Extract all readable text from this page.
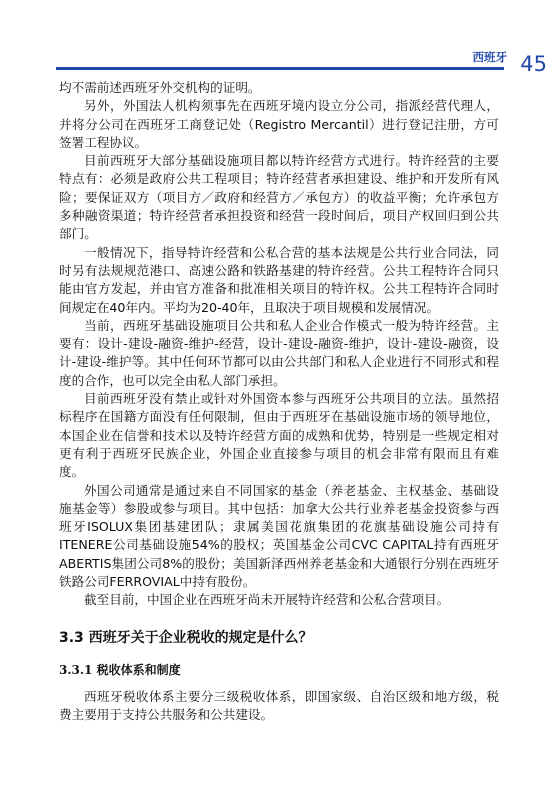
西班牙 45

均不需前述西班牙外交机构的证明。

另外，外国法人机构须事先在西班牙境内设立分公司，指派经营代理人，并将分公司在西班牙工商登记处（Registro Mercantil）进行登记注册，方可签署工程协议。

目前西班牙大部分基础设施项目都以特许经营方式进行。特许经营的主要特点有：必须是政府公共工程项目；特许经营者承担建设、维护和开发所有风险；要保证双方（项目方／政府和经营方／承包方）的收益平衡；允许承包方多种融资渠道；特许经营者承担投资和经营一段时间后，项目产权回归到公共部门。

一般情况下，指导特许经营和公私合营的基本法规是公共行业合同法，同时另有法规规范港口、高速公路和铁路基建的特许经营。公共工程特许合同只能由官方发起，并由官方准备和批准相关项目的特许权。公共工程特许合同时间规定在40年内。平均为20-40年，且取决于项目规模和发展情况。

当前，西班牙基础设施项目公共和私人企业合作模式一般为特许经营。主要有：设计-建设-融资-维护-经营，设计-建设-融资-维护，设计-建设-融资，设计-建设-维护等。其中任何环节都可以由公共部门和私人企业进行不同形式和程度的合作，也可以完全由私人部门承担。

目前西班牙没有禁止或针对外国资本参与西班牙公共项目的立法。虽然招标程序在国籍方面没有任何限制，但由于西班牙在基础设施市场的领导地位，本国企业在信誉和技术以及特许经营方面的成熟和优势，特别是一些规定相对更有利于西班牙民族企业，外国企业直接参与项目的机会非常有限而且有难度。

外国公司通常是通过来自不同国家的基金（养老基金、主权基金、基础设施基金等）参股或参与项目。其中包括：加拿大公共行业养老基金投资参与西班牙ISOLUX集团基建团队；隶属美国花旗集团的花旗基础设施公司持有ITENERE公司基础设施54%的股权；英国基金公司CVC CAPITAL持有西班牙ABERTIS集团公司8%的股份；美国新泽西州养老基金和大通银行分别在西班牙铁路公司FERROVIAL中持有股份。

截至目前，中国企业在西班牙尚未开展特许经营和公私合营项目。

3.3 西班牙关于企业税收的规定是什么？
3.3.1 税收体系和制度

西班牙税收体系主要分三级税收体系，即国家级、自治区级和地方级，税费主要用于支持公共服务和公共建设。
